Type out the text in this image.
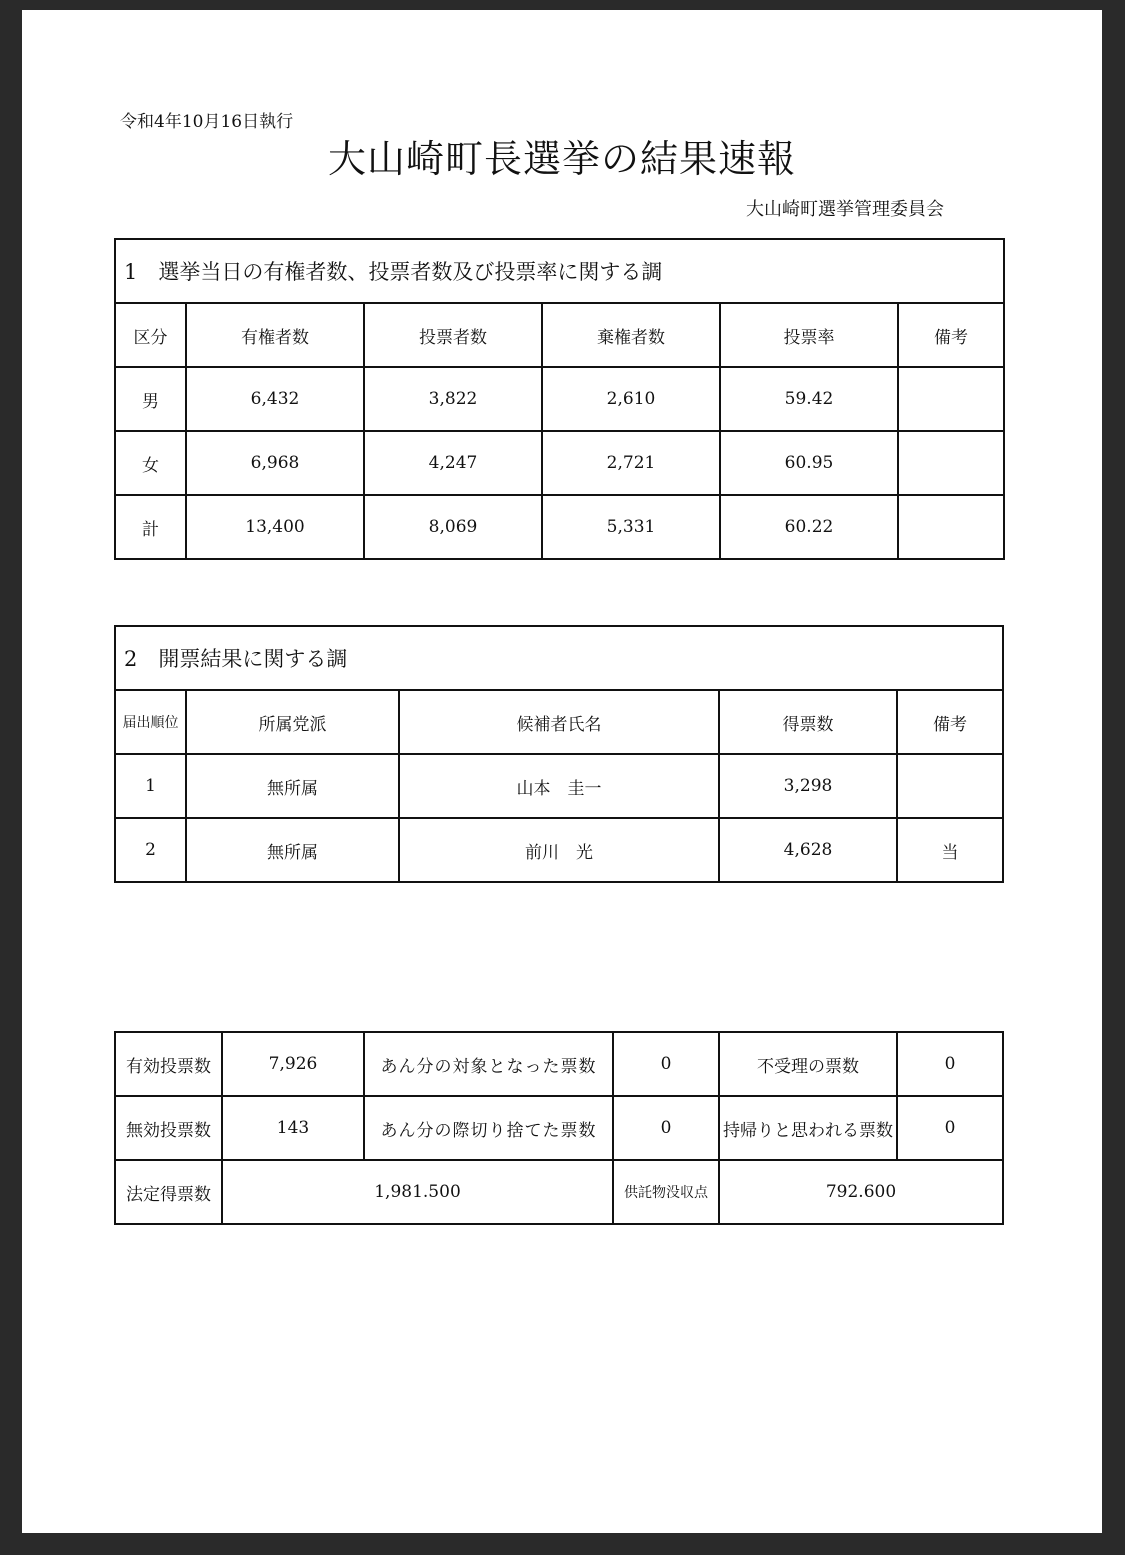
令和4年10月16日執行
大山崎町長選挙の結果速報
大山崎町選挙管理委員会
1　選挙当日の有権者数、投票者数及び投票率に関する調					
区分	有権者数	投票者数	棄権者数	投票率	備考
男	6,432	3,822	2,610	59.42	
女	6,968	4,247	2,721	60.95	
計	13,400	8,069	5,331	60.22	
2　開票結果に関する調				
届出順位	所属党派	候補者氏名	得票数	備考
1	無所属	山本　圭一	3,298	
2	無所属	前川　光	4,628	当
有効投票数	7,926	あん分の対象となった票数	0	不受理の票数	0
無効投票数	143	あん分の際切り捨てた票数	0	持帰りと思われる票数	0
法定得票数	1,981.500		供託物没収点	792.600	
